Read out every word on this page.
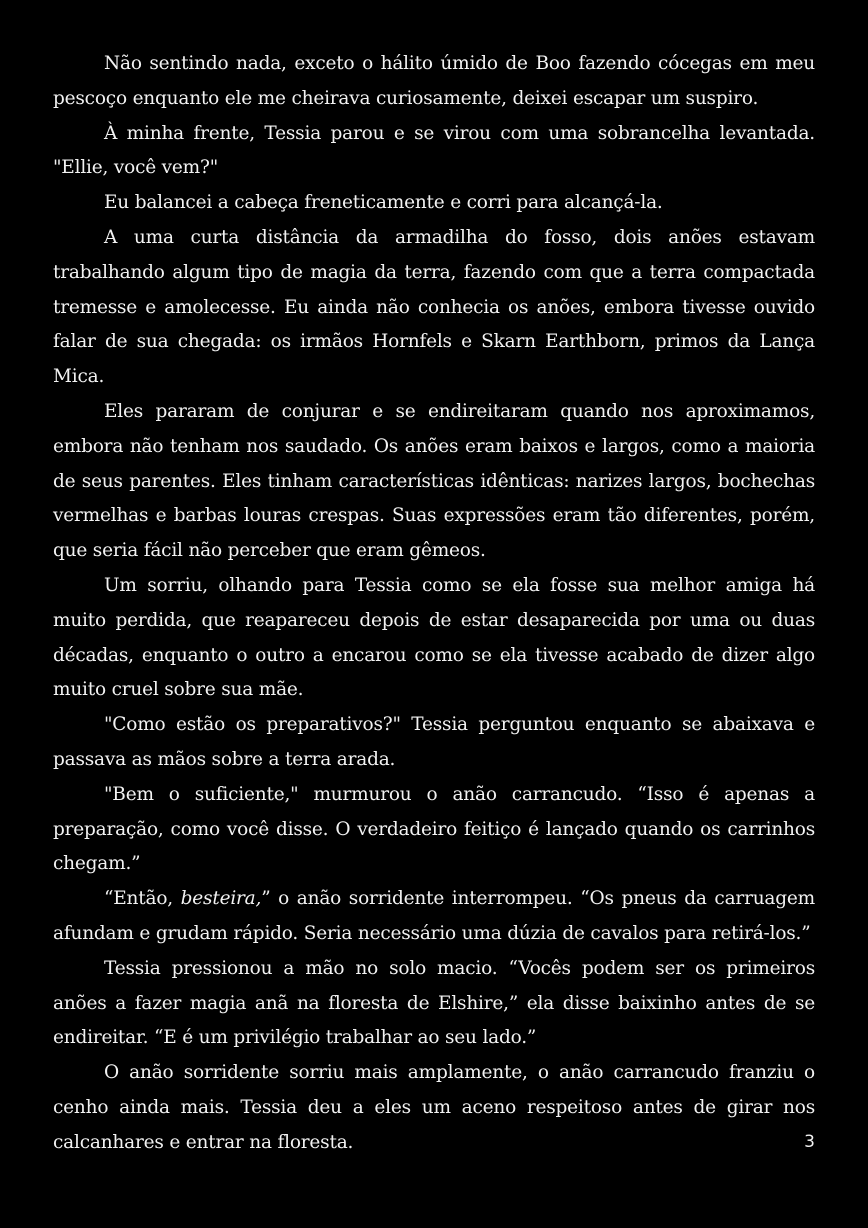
Não sentindo nada, exceto o hálito úmido de Boo fazendo cócegas em meu pescoço enquanto ele me cheirava curiosamente, deixei escapar um suspiro.

À minha frente, Tessia parou e se virou com uma sobrancelha levantada. "Ellie, você vem?"

Eu balancei a cabeça freneticamente e corri para alcançá-la.

A uma curta distância da armadilha do fosso, dois anões estavam trabalhando algum tipo de magia da terra, fazendo com que a terra compactada tremesse e amolecesse. Eu ainda não conhecia os anões, embora tivesse ouvido falar de sua chegada: os irmãos Hornfels e Skarn Earthborn, primos da Lança Mica.

Eles pararam de conjurar e se endireitaram quando nos aproximamos, embora não tenham nos saudado. Os anões eram baixos e largos, como a maioria de seus parentes. Eles tinham características idênticas: narizes largos, bochechas vermelhas e barbas louras crespas. Suas expressões eram tão diferentes, porém, que seria fácil não perceber que eram gêmeos.

Um sorriu, olhando para Tessia como se ela fosse sua melhor amiga há muito perdida, que reapareceu depois de estar desaparecida por uma ou duas décadas, enquanto o outro a encarou como se ela tivesse acabado de dizer algo muito cruel sobre sua mãe.

"Como estão os preparativos?" Tessia perguntou enquanto se abaixava e passava as mãos sobre a terra arada.

"Bem o suficiente," murmurou o anão carrancudo. “Isso é apenas a preparação, como você disse. O verdadeiro feitiço é lançado quando os carrinhos chegam.”

“Então, besteira,” o anão sorridente interrompeu. “Os pneus da carruagem afundam e grudam rápido. Seria necessário uma dúzia de cavalos para retirá-los.”

Tessia pressionou a mão no solo macio. “Vocês podem ser os primeiros anões a fazer magia anã na floresta de Elshire,” ela disse baixinho antes de se endireitar. “E é um privilégio trabalhar ao seu lado.”

O anão sorridente sorriu mais amplamente, o anão carrancudo franziu o cenho ainda mais. Tessia deu a eles um aceno respeitoso antes de girar nos calcanhares e entrar na floresta.	3
